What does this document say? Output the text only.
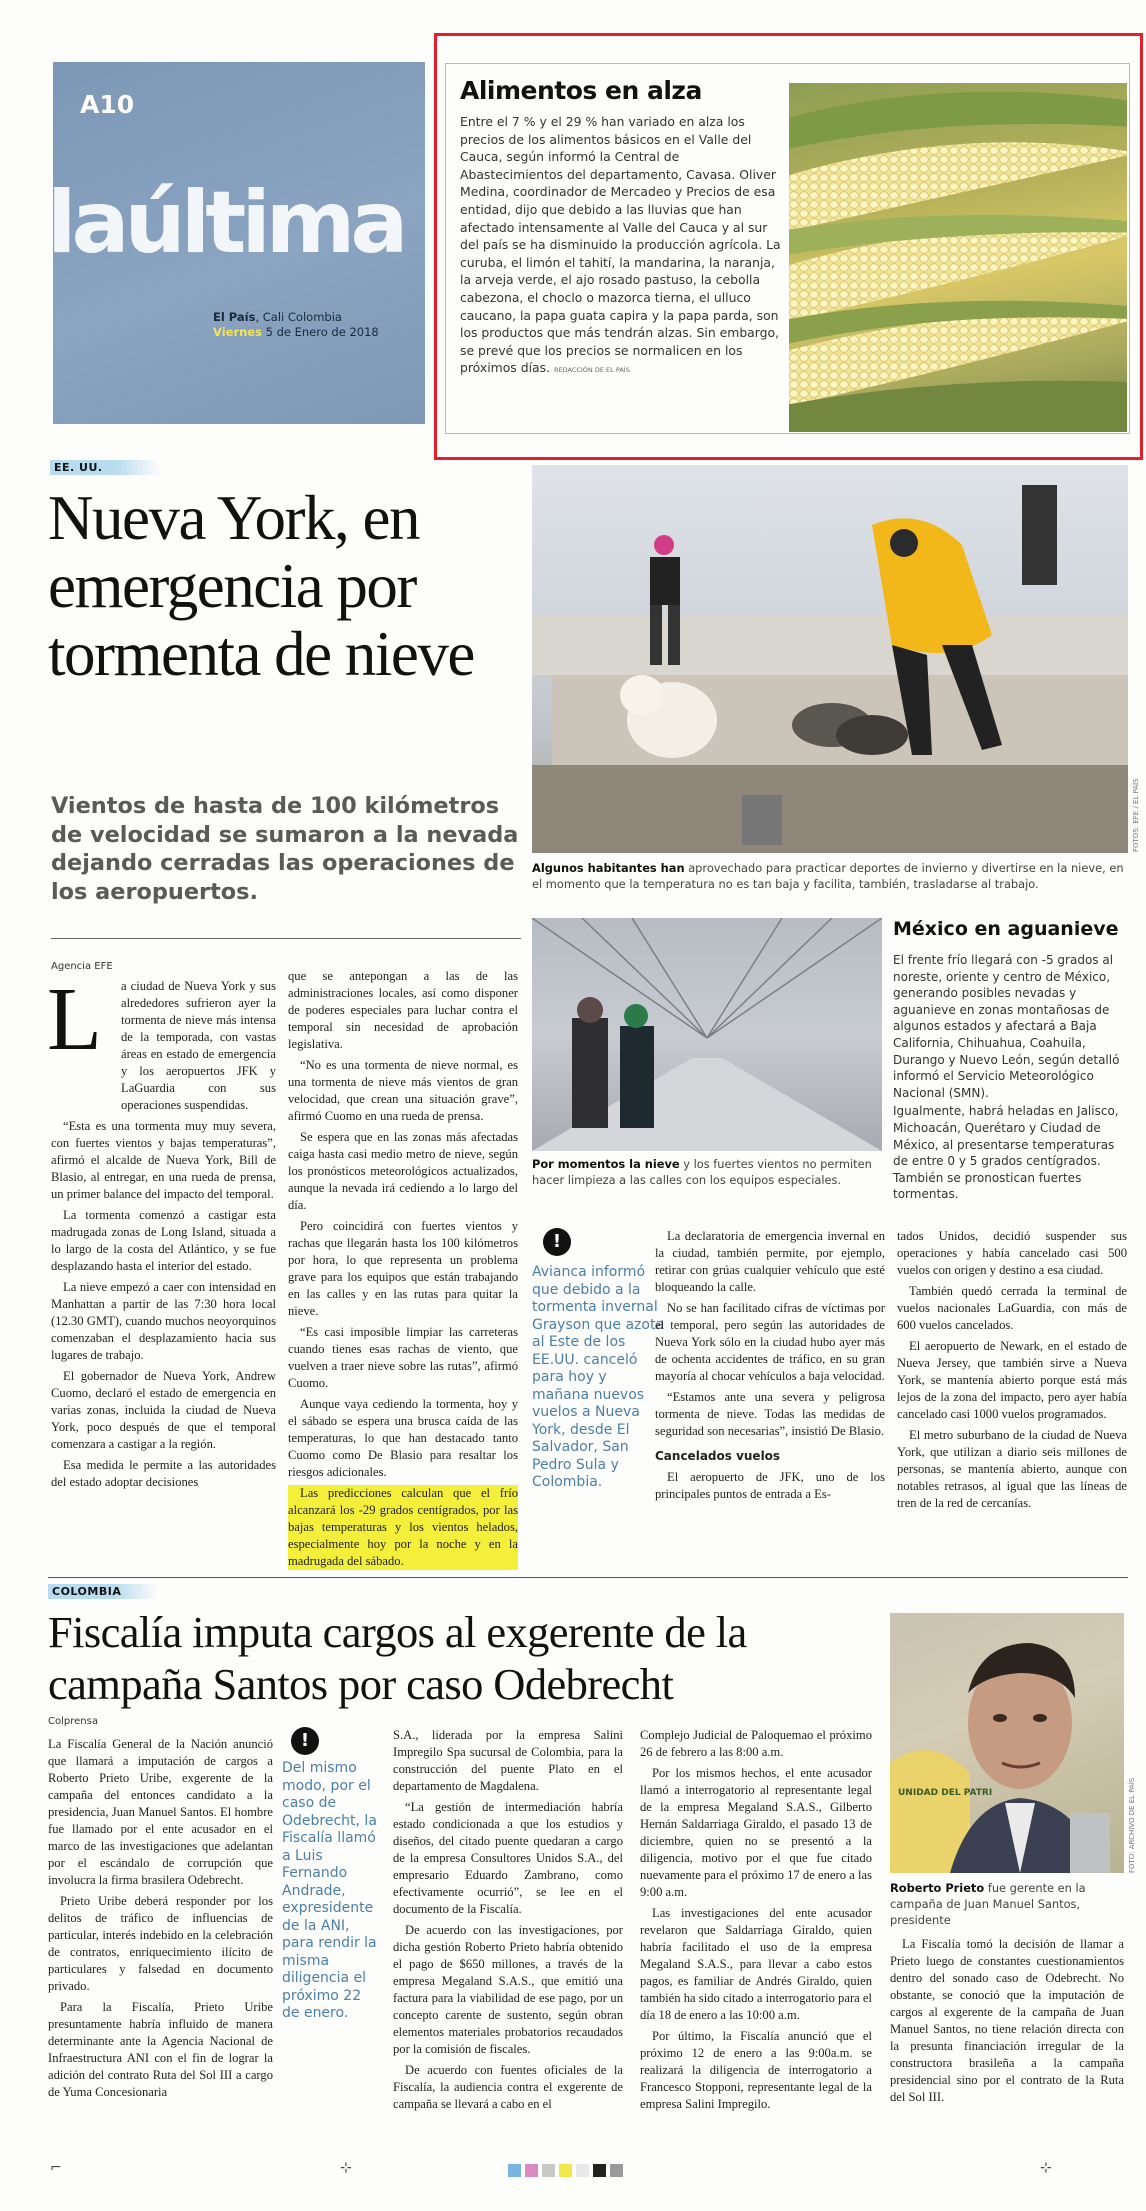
A10
laúltima
El País, Cali Colombia
Viernes 5 de Enero de 2018
Alimentos en alza
Entre el 7 % y el 29 % han variado en alza los precios de los alimentos básicos en el Valle del Cauca, según informó la Central de Abastecimientos del departamento, Cavasa. Oliver Medina, coordinador de Mercadeo y Precios de esa entidad, dijo que debido a las lluvias que han afectado intensamente al Valle del Cauca y al sur del país se ha disminuido la producción agrícola. La curuba, el limón el tahití, la mandarina, la naranja, la arveja verde, el ajo rosado pastuso, la cebolla cabezona, el choclo o mazorca tierna, el ulluco caucano, la papa guata capira y la papa parda, son los productos que más tendrán alzas. Sin embargo, se prevé que los precios se normalicen en los próximos días. REDACCIÓN DE EL PAÍS
EE. UU.
Nueva York, en emergencia por tormenta de nieve
Vientos de hasta de 100 kilómetros de velocidad se sumaron a la nevada dejando cerradas las operaciones de los aeropuertos.
Agencia EFE
FOTOS: EFE / EL PAÍS
Algunos habitantes han aprovechado para practicar deportes de invierno y divertirse en la nieve, en el momento que la temperatura no es tan baja y facilita, también, trasladarse al trabajo.
Por momentos la nieve y los fuertes vientos no permiten hacer limpieza a las calles con los equipos especiales.
México en aguanieve
El frente frío llegará con -5 grados al noreste, oriente y centro de México, generando posibles nevadas y aguanieve en zonas montañosas de algunos estados y afectará a Baja California, Chihuahua, Coahuila, Durango y Nuevo León, según detalló informó el Servicio Meteorológico Nacional (SMN).
Igualmente, habrá heladas en Jalisco, Michoacán, Querétaro y Ciudad de México, al presentarse temperaturas de entre 0 y 5 grados centígrados. También se pronostican fuertes tormentas.
L	a ciudad de Nueva York y sus alrededores sufrieron ayer la tormenta de nieve más intensa de la temporada, con vastas áreas en estado de emergencia y los aeropuertos JFK y LaGuardia con sus operaciones suspendidas.

“Esta es una tormenta muy muy severa, con fuertes vientos y bajas temperaturas”, afirmó el alcalde de Nueva York, Bill de Blasio, al entregar, en una rueda de prensa, un primer balance del impacto del temporal.

La tormenta comenzó a castigar esta madrugada zonas de Long Island, situada a lo largo de la costa del Atlántico, y se fue desplazando hasta el interior del estado.

La nieve empezó a caer con intensidad en Manhattan a partir de las 7:30 hora local (12.30 GMT), cuando muchos neoyorquinos comenzaban el desplazamiento hacia sus lugares de trabajo.

El gobernador de Nueva York, Andrew Cuomo, declaró el estado de emergencia en varias zonas, incluida la ciudad de Nueva York, poco después de que el temporal comenzara a castigar a la región.

Esa medida le permite a las autoridades del estado adoptar decisiones

que se antepongan a las de las administraciones locales, así como disponer de poderes especiales para luchar contra el temporal sin necesidad de aprobación legislativa.

“No es una tormenta de nieve normal, es una tormenta de nieve más vientos de gran velocidad, que crean una situación grave”, afirmó Cuomo en una rueda de prensa.

Se espera que en las zonas más afectadas caiga hasta casi medio metro de nieve, según los pronósticos meteorológicos actualizados, aunque la nevada irá cediendo a lo largo del día.

Pero coincidirá con fuertes vientos y rachas que llegarán hasta los 100 kilómetros por hora, lo que representa un problema grave para los equipos que están trabajando en las calles y en las rutas para quitar la nieve.

“Es casi imposible limpiar las carreteras cuando tienes esas rachas de viento, que vuelven a traer nieve sobre las rutas”, afirmó Cuomo.

Aunque vaya cediendo la tormenta, hoy y el sábado se espera una brusca caída de las temperaturas, lo que han destacado tanto Cuomo como De Blasio para resaltar los riesgos adicionales.

Las predicciones calculan que el frío alcanzará los -29 grados centígrados, por las bajas temperaturas y los vientos helados, especialmente hoy por la noche y en la madrugada del sábado.

!
Avianca informó que debido a la tormenta invernal Grayson que azota al Este de los EE.UU. canceló para hoy y mañana nuevos vuelos a Nueva York, desde El Salvador, San Pedro Sula y Colombia.

La declaratoria de emergencia invernal en la ciudad, también permite, por ejemplo, retirar con grúas cualquier vehículo que esté bloqueando la calle.

No se han facilitado cifras de víctimas por el temporal, pero según las autoridades de Nueva York sólo en la ciudad hubo ayer más de ochenta accidentes de tráfico, en su gran mayoría al chocar vehículos a baja velocidad.

“Estamos ante una severa y peligrosa tormenta de nieve. Todas las medidas de seguridad son necesarias”, insistió De Blasio.

Cancelados vuelos

El aeropuerto de JFK, uno de los principales puntos de entrada a Es-

tados Unidos, decidió suspender sus operaciones y había cancelado casi 500 vuelos con origen y destino a esa ciudad.

También quedó cerrada la terminal de vuelos nacionales LaGuardia, con más de 600 vuelos cancelados.

El aeropuerto de Newark, en el estado de Nueva Jersey, que también sirve a Nueva York, se mantenía abierto porque está más lejos de la zona del impacto, pero ayer había cancelado casi 1000 vuelos programados.

El metro suburbano de la ciudad de Nueva York, que utilizan a diario seis millones de personas, se mantenía abierto, aunque con notables retrasos, al igual que las líneas de tren de la red de cercanías.

COLOMBIA
Fiscalía imputa cargos al exgerente de la campaña Santos por caso Odebrecht
Colprensa

La Fiscalía General de la Nación anunció que llamará a imputación de cargos a Roberto Prieto Uribe, exgerente de la campaña del entonces candidato a la presidencia, Juan Manuel Santos. El hombre fue llamado por el ente acusador en el marco de las investigaciones que adelantan por el escándalo de corrupción que involucra la firma brasilera Odebrecht.

Prieto Uribe deberá responder por los delitos de tráfico de influencias de particular, interés indebido en la celebración de contratos, enriquecimiento ilícito de particulares y falsedad en documento privado.

Para la Fiscalía, Prieto Uribe presuntamente habría influido de manera determinante ante la Agencia Nacional de Infraestructura ANI con el fin de lograr la adición del contrato Ruta del Sol III a cargo de Yuma Concesionaria

!
Del mismo modo, por el caso de Odebrecht, la Fiscalía llamó a Luis Fernando Andrade, expresidente de la ANI, para rendir la misma diligencia el próximo 22 de enero.

S.A., liderada por la empresa Salini Impregilo Spa sucursal de Colombia, para la construcción del puente Plato en el departamento de Magdalena.

“La gestión de intermediación habría estado condicionada a que los estudios y diseños, del citado puente quedaran a cargo de la empresa Consultores Unidos S.A., del empresario Eduardo Zambrano, como efectivamente ocurrió”, se lee en el documento de la Fiscalía.

De acuerdo con las investigaciones, por dicha gestión Roberto Prieto habría obtenido el pago de $650 millones, a través de la empresa Megaland S.A.S., que emitió una factura para la viabilidad de ese pago, por un concepto carente de sustento, según obran elementos materiales probatorios recaudados por la comisión de fiscales.

De acuerdo con fuentes oficiales de la Fiscalía, la audiencia contra el exgerente de campaña se llevará a cabo en el

Complejo Judicial de Paloquemao el próximo 26 de febrero a las 8:00 a.m.

Por los mismos hechos, el ente acusador llamó a interrogatorio al representante legal de la empresa Megaland S.A.S., Gilberto Hernán Saldarriaga Giraldo, el pasado 13 de diciembre, quien no se presentó a la diligencia, motivo por el que fue citado nuevamente para el próximo 17 de enero a las 9:00 a.m.

Las investigaciones del ente acusador revelaron que Saldarriaga Giraldo, quien habría facilitado el uso de la empresa Megaland S.A.S., para llevar a cabo estos pagos, es familiar de Andrés Giraldo, quien también ha sido citado a interrogatorio para el día 18 de enero a las 10:00 a.m.

Por último, la Fiscalía anunció que el próximo 12 de enero a las 9:00a.m. se realizará la diligencia de interrogatorio a Francesco Stopponi, representante legal de la empresa Salini Impregilo.

UNIDAD DEL PATRI	FOTO: ARCHIVO DE EL PAÍS
Roberto Prieto fue gerente en la campaña de Juan Manuel Santos, presidente

La Fiscalía tomó la decisión de llamar a Prieto luego de constantes cuestionamientos dentro del sonado caso de Odebrecht. No obstante, se conoció que la imputación de cargos al exgerente de la campaña de Juan Manuel Santos, no tiene relación directa con la presunta financiación irregular de la constructora brasileña a la campaña presidencial sino por el contrato de la Ruta del Sol III.

⌐	⊹	⊹
